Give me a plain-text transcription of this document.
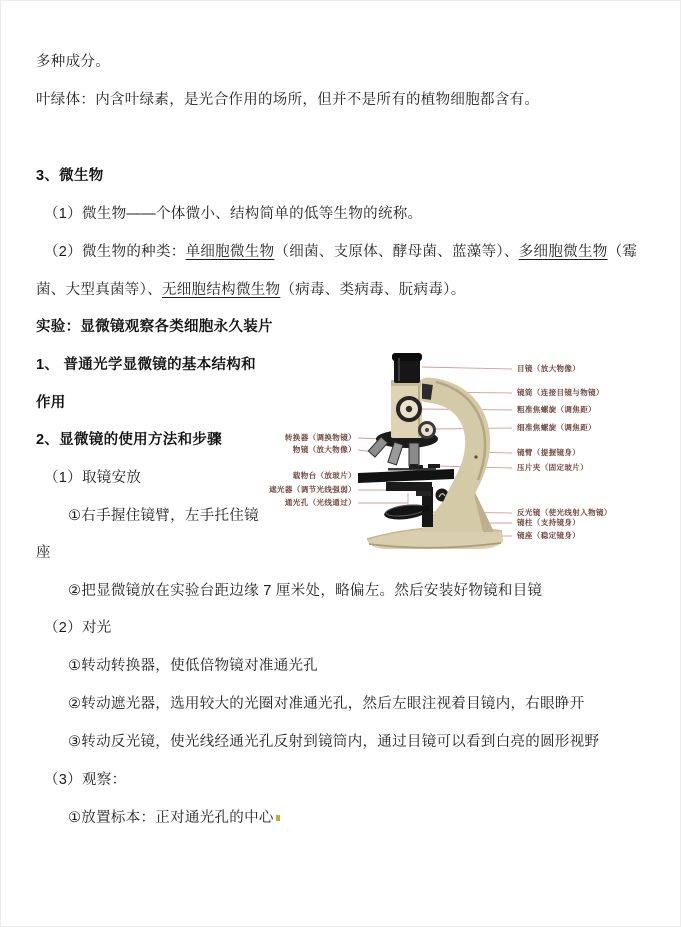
多种成分。
叶绿体：内含叶绿素，是光合作用的场所，但并不是所有的植物细胞都含有。
3、微生物
（1）微生物——个体微小、结构简单的低等生物的统称。
（2）微生物的种类：单细胞微生物（细菌、支原体、酵母菌、蓝藻等）、多细胞微生物（霉菌、大型真菌等）、无细胞结构微生物（病毒、类病毒、朊病毒）。
实验：显微镜观察各类细胞永久装片
1、 普通光学显微镜的基本结构和
作用
2、显微镜的使用方法和步骤
（1）取镜安放
①右手握住镜臂，左手托住镜
座
②把显微镜放在实验台距边缘 7 厘米处，略偏左。然后安装好物镜和目镜
（2）对光
①转动转换器，使低倍物镜对准通光孔
②转动遮光器，选用较大的光圈对准通光孔，然后左眼注视着目镜内，右眼睁开
③转动反光镜，使光线经通光孔反射到镜筒内，通过目镜可以看到白亮的圆形视野
（3）观察：
①放置标本：正对通光孔的中心
目镜（放大物像）
镜筒（连接目镜与物镜）
粗准焦螺旋（调焦距）
细准焦螺旋（调焦距）
镜臂（提握镜身）
压片夹（固定玻片）
反光镜（使光线射入物镜）
镜柱（支持镜身）
镜座（稳定镜身）
转换器（调换物镜）
物镜（放大物像）
载物台（放玻片）
遮光器（调节光线强弱）
通光孔（光线通过）
